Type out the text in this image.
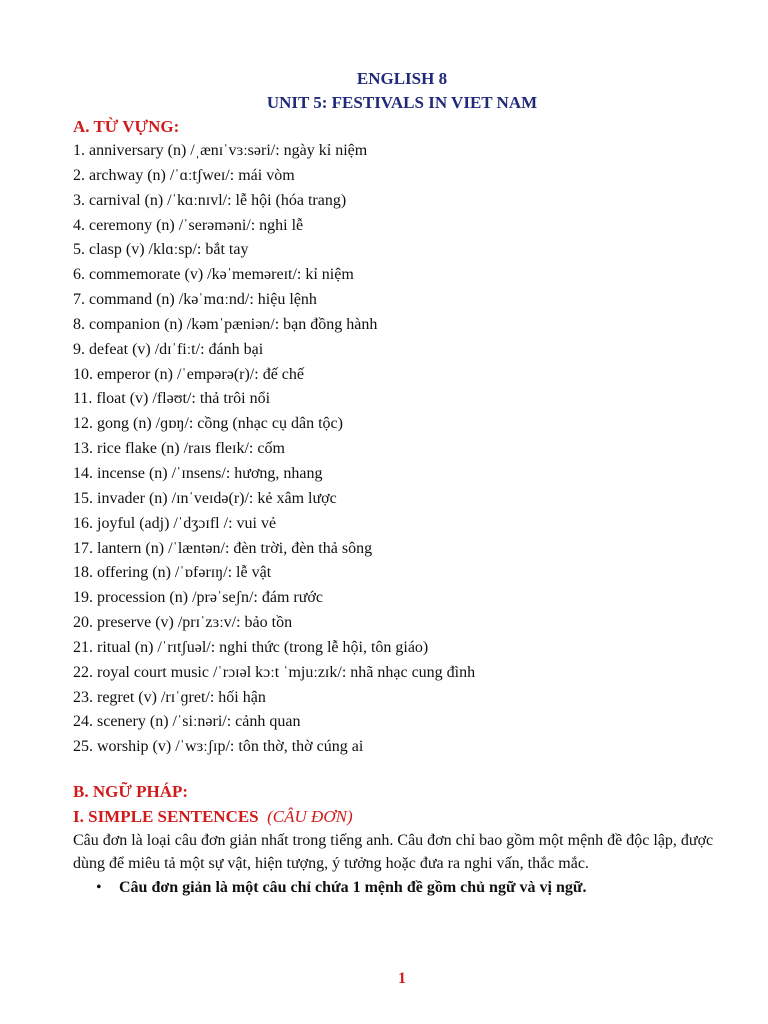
ENGLISH 8
UNIT 5: FESTIVALS IN VIET NAM
A. TỪ VỰNG:
1. anniversary (n) /ˌænɪˈvɜːsəri/: ngày kỉ niệm
2. archway (n) /ˈɑːtʃweɪ/: mái vòm
3. carnival (n) /ˈkɑːnɪvl/: lễ hội (hóa trang)
4. ceremony (n) /ˈserəməni/: nghi lễ
5. clasp (v) /klɑːsp/: bắt tay
6. commemorate (v) /kəˈmeməreɪt/: kỉ niệm
7. command (n) /kəˈmɑːnd/: hiệu lệnh
8. companion (n) /kəmˈpæniən/: bạn đồng hành
9. defeat (v) /dɪˈfiːt/: đánh bại
10. emperor (n) /ˈempərə(r)/: đế chế
11. float (v) /fləʊt/: thả trôi nổi
12. gong (n) /ɡɒŋ/: cồng (nhạc cụ dân tộc)
13. rice flake (n) /raɪs fleɪk/: cốm
14. incense (n) /ˈɪnsens/: hương, nhang
15. invader (n) /ɪnˈveɪdə(r)/: kẻ xâm lược
16. joyful (adj) /ˈdʒɔɪfl /: vui vẻ
17. lantern (n) /ˈlæntən/: đèn trời, đèn thả sông
18. offering (n) /ˈɒfərɪŋ/: lễ vật
19. procession (n) /prəˈseʃn/: đám rước
20. preserve (v) /prɪˈzɜːv/: bảo tồn
21. ritual (n) /ˈrɪtʃuəl/: nghi thức (trong lễ hội, tôn giáo)
22. royal court music /ˈrɔɪəl kɔːt ˈmjuːzɪk/: nhã nhạc cung đình
23. regret (v) /rɪˈɡret/: hối hận
24. scenery (n) /ˈsiːnəri/: cảnh quan
25. worship (v) /ˈwɜːʃɪp/: tôn thờ, thờ cúng ai
B. NGỮ PHÁP:
I. SIMPLE SENTENCES (CÂU ĐƠN)

Câu đơn là loại câu đơn giản nhất trong tiếng anh. Câu đơn chỉ bao gồm một mệnh đề độc lập, được dùng để miêu tả một sự vật, hiện tượng, ý tưởng hoặc đưa ra nghi vấn, thắc mắc.

• Câu đơn giản là một câu chỉ chứa 1 mệnh đề gồm chủ ngữ và vị ngữ.
1
